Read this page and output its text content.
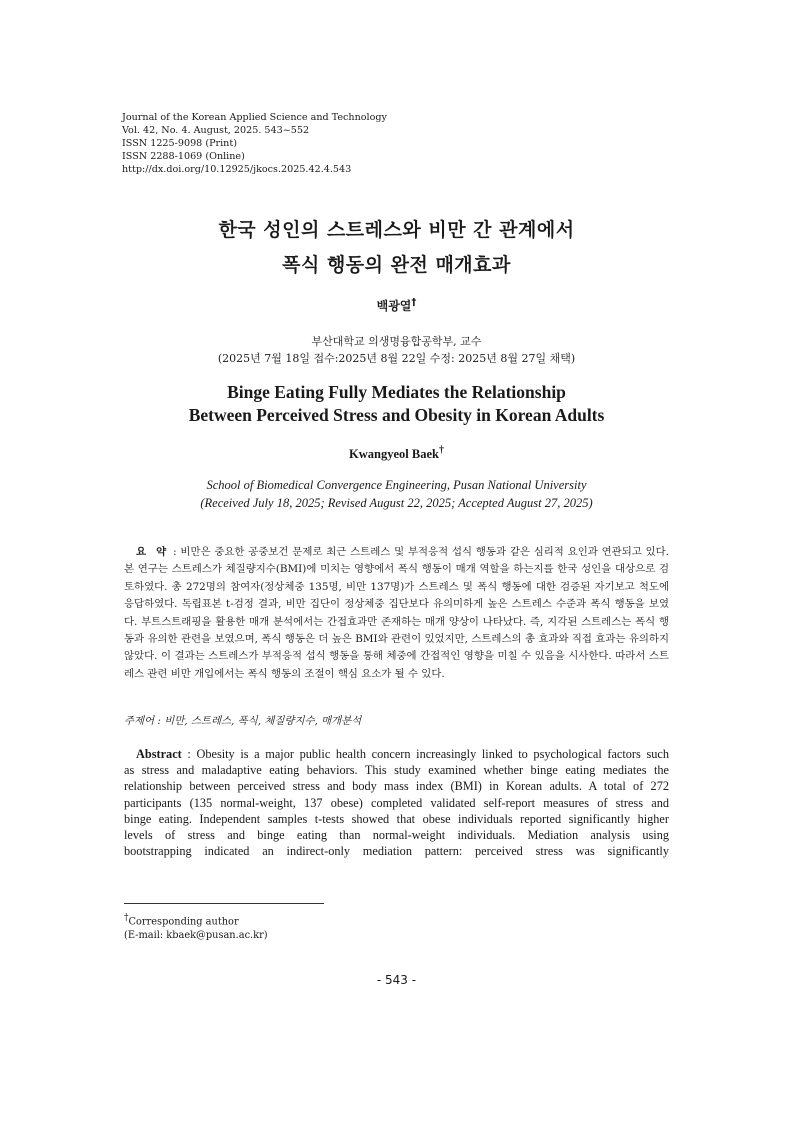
Journal of the Korean Applied Science and Technology
Vol. 42, No. 4. August, 2025. 543~552
ISSN 1225-9098 (Print)
ISSN 2288-1069 (Online)
http://dx.doi.org/10.12925/jkocs.2025.42.4.543
한국 성인의 스트레스와 비만 간 관계에서
폭식 행동의 완전 매개효과
백광열†
부산대학교 의생명융합공학부, 교수
(2025년 7월 18일 접수:2025년 8월 22일 수정: 2025년 8월 27일 채택)
Binge Eating Fully Mediates the Relationship
Between Perceived Stress and Obesity in Korean Adults
Kwangyeol Baek†
School of Biomedical Convergence Engineering, Pusan National University
(Received July 18, 2025; Revised August 22, 2025; Accepted August 27, 2025)
요 약 : 비만은 중요한 공중보건 문제로 최근 스트레스 및 부적응적 섭식 행동과 같은 심리적 요인과 연관되고 있다. 본 연구는 스트레스가 체질량지수(BMI)에 미치는 영향에서 폭식 행동이 매개 역할을 하는지를 한국 성인을 대상으로 검토하였다. 총 272명의 참여자(정상체중 135명, 비만 137명)가 스트레스 및 폭식 행동에 대한 검증된 자기보고 척도에 응답하였다. 독립표본 t-검정 결과, 비만 집단이 정상체중 집단보다 유의미하게 높은 스트레스 수준과 폭식 행동을 보였다. 부트스트래핑을 활용한 매개 분석에서는 간접효과만 존재하는 매개 양상이 나타났다. 즉, 지각된 스트레스는 폭식 행동과 유의한 관련을 보였으며, 폭식 행동은 더 높은 BMI와 관련이 있었지만, 스트레스의 총 효과와 직접 효과는 유의하지 않았다. 이 결과는 스트레스가 부적응적 섭식 행동을 통해 체중에 간접적인 영향을 미칠 수 있음을 시사한다. 따라서 스트레스 관련 비만 개입에서는 폭식 행동의 조절이 핵심 요소가 될 수 있다.
주제어 : 비만, 스트레스, 폭식, 체질량지수, 매개분석
Abstract : Obesity is a major public health concern increasingly linked to psychological factors such
as stress and maladaptive eating behaviors. This study examined whether binge eating mediates the
relationship between perceived stress and body mass index (BMI) in Korean adults. A total of 272
participants (135 normal-weight, 137 obese) completed validated self-report measures of stress and
binge eating. Independent samples t-tests showed that obese individuals reported significantly higher
levels of stress and binge eating than normal-weight individuals. Mediation analysis using
bootstrapping indicated an indirect-only mediation pattern: perceived stress was significantly
†Corresponding author
(E-mail: kbaek@pusan.ac.kr)
- 543 -
